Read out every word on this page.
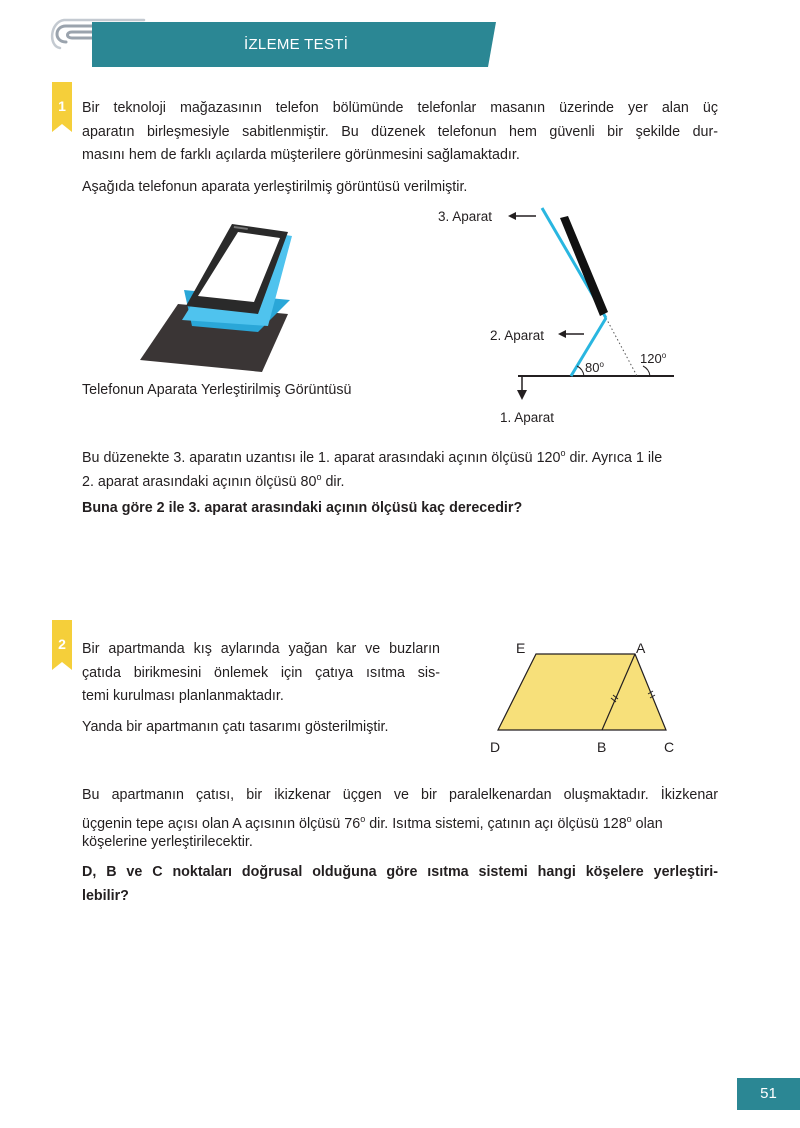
İZLEME TESTİ
1	Bir teknoloji mağazasının telefon bölümünde telefonlar masanın üzerinde yer alan üç
aparatın birleşmesiyle sabitlenmiştir. Bu düzenek telefonun hem güvenli bir şekilde dur-
masını hem de farklı açılarda müşterilere görünmesini sağlamaktadır.
Aşağıda telefonun aparata yerleştirilmiş görüntüsü verilmiştir.
Telefonun Aparata Yerleştirilmiş Görüntüsü
3. Aparat
2. Aparat
1. Aparat
80$^o$	120$^o$
Bu düzenekte 3. aparatın uzantısı ile 1. aparat arasındaki açının ölçüsü 120$^o$ dir. Ayrıca 1 ile
2. aparat arasındaki açının ölçüsü 80$^o$ dir.
Buna göre 2 ile 3. aparat arasındaki açının ölçüsü kaç derecedir?
2	Bir apartmanda kış aylarında yağan kar ve buzların
çatıda birikmesini önlemek için çatıya ısıtma sis-
temi kurulması planlanmaktadır.
Yanda bir apartmanın çatı tasarımı gösterilmiştir.
E	A
D	B	C
Bu apartmanın çatısı, bir ikizkenar üçgen ve bir paralelkenardan oluşmaktadır. İkizkenar
üçgenin tepe açısı olan A açısının ölçüsü 76$^o$ dir. Isıtma sistemi, çatının açı ölçüsü 128$^o$ olan
köşelerine yerleştirilecektir.
D, B ve C noktaları doğrusal olduğuna göre ısıtma sistemi hangi köşelere yerleştiri-
lebilir?
51
